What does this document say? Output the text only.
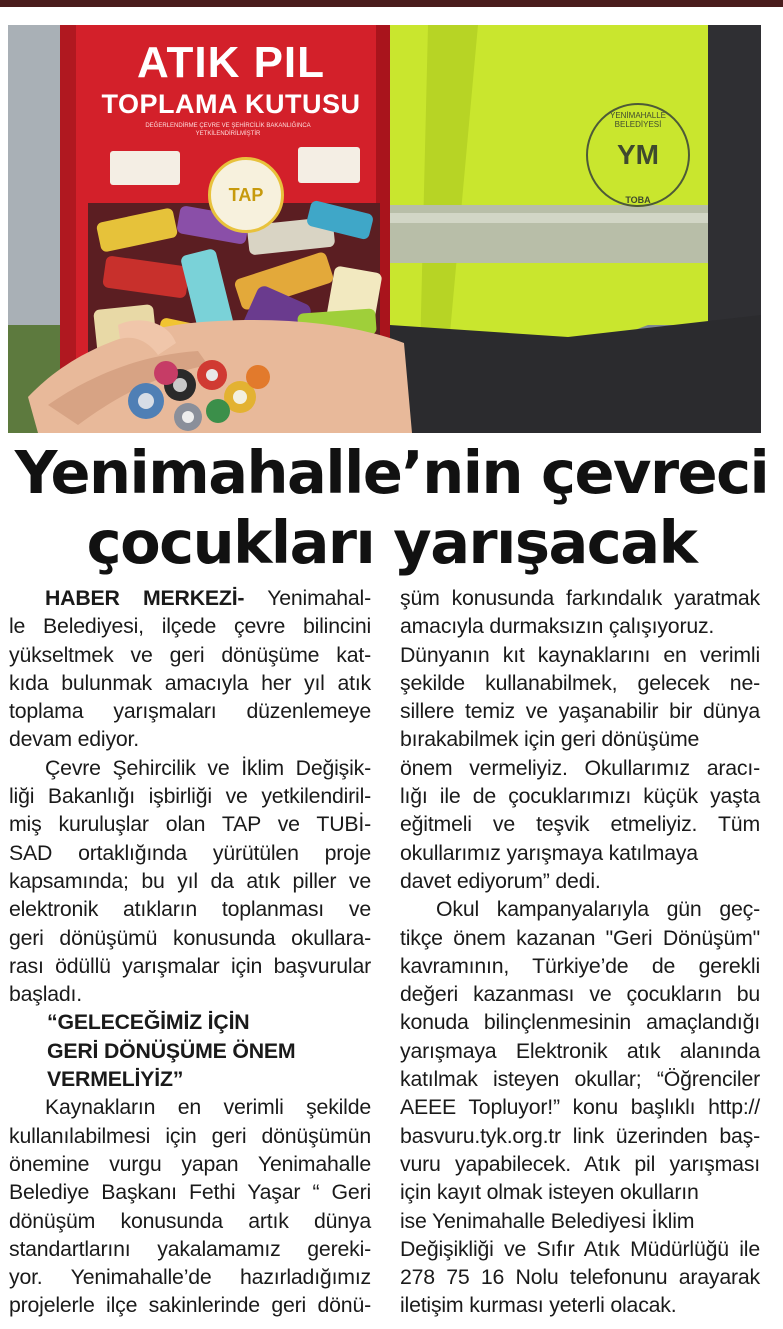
ATIK PIL
TOPLAMA KUTUSU
DEĞERLENDİRME ÇEVRE VE ŞEHİRCİLİK BAKANLIĞINCA YETKİLENDİRİLMİŞTİR
TAP
YM
YENİMAHALLE BELEDİYESİ
TOBA
Yenimahalle’nin çevreci
çocukları yarışacak
HABER MERKEZİ- Yenimahal-
le Belediyesi, ilçede çevre bilincini
yükseltmek ve geri dönüşüme kat-
kıda bulunmak amacıyla her yıl atık
toplama yarışmaları düzenlemeye
devam ediyor.
Çevre Şehircilik ve İklim Değişik-
liği Bakanlığı işbirliği ve yetkilendiril-
miş kuruluşlar olan TAP ve TUBİ-
SAD ortaklığında yürütülen proje
kapsamında; bu yıl da atık piller ve
elektronik atıkların toplanması ve
geri dönüşümü konusunda okullara-
rası ödüllü yarışmalar için başvurular
başladı.
“GELECEĞİMİZ İÇİN
GERİ DÖNÜŞÜME ÖNEM
VERMELİYİZ”
Kaynakların en verimli şekilde
kullanılabilmesi için geri dönüşümün
önemine vurgu yapan Yenimahalle
Belediye Başkanı Fethi Yaşar “ Geri
dönüşüm konusunda artık dünya
standartlarını yakalamamız gereki-
yor. Yenimahalle’de hazırladığımız
projelerle ilçe sakinlerinde geri dönü-
şüm konusunda farkındalık yaratmak
amacıyla durmaksızın çalışıyoruz.
Dünyanın kıt kaynaklarını en verimli
şekilde kullanabilmek, gelecek ne-
sillere temiz ve yaşanabilir bir dünya
bırakabilmek için geri dönüşüme
önem vermeliyiz. Okullarımız aracı-
lığı ile de çocuklarımızı küçük yaşta
eğitmeli ve teşvik etmeliyiz. Tüm
okullarımız yarışmaya katılmaya
davet ediyorum” dedi.
Okul kampanyalarıyla gün geç-
tikçe önem kazanan "Geri Dönüşüm"
kavramının, Türkiye’de de gerekli
değeri kazanması ve çocukların bu
konuda bilinçlenmesinin amaçlandığı
yarışmaya Elektronik atık alanında
katılmak isteyen okullar; “Öğrenciler
AEEE Topluyor!” konu başlıklı http://
basvuru.tyk.org.tr link üzerinden baş-
vuru yapabilecek. Atık pil yarışması
için kayıt olmak isteyen okulların
ise Yenimahalle Belediyesi İklim
Değişikliği ve Sıfır Atık Müdürlüğü ile
278 75 16 Nolu telefonunu arayarak
iletişim kurması yeterli olacak.
